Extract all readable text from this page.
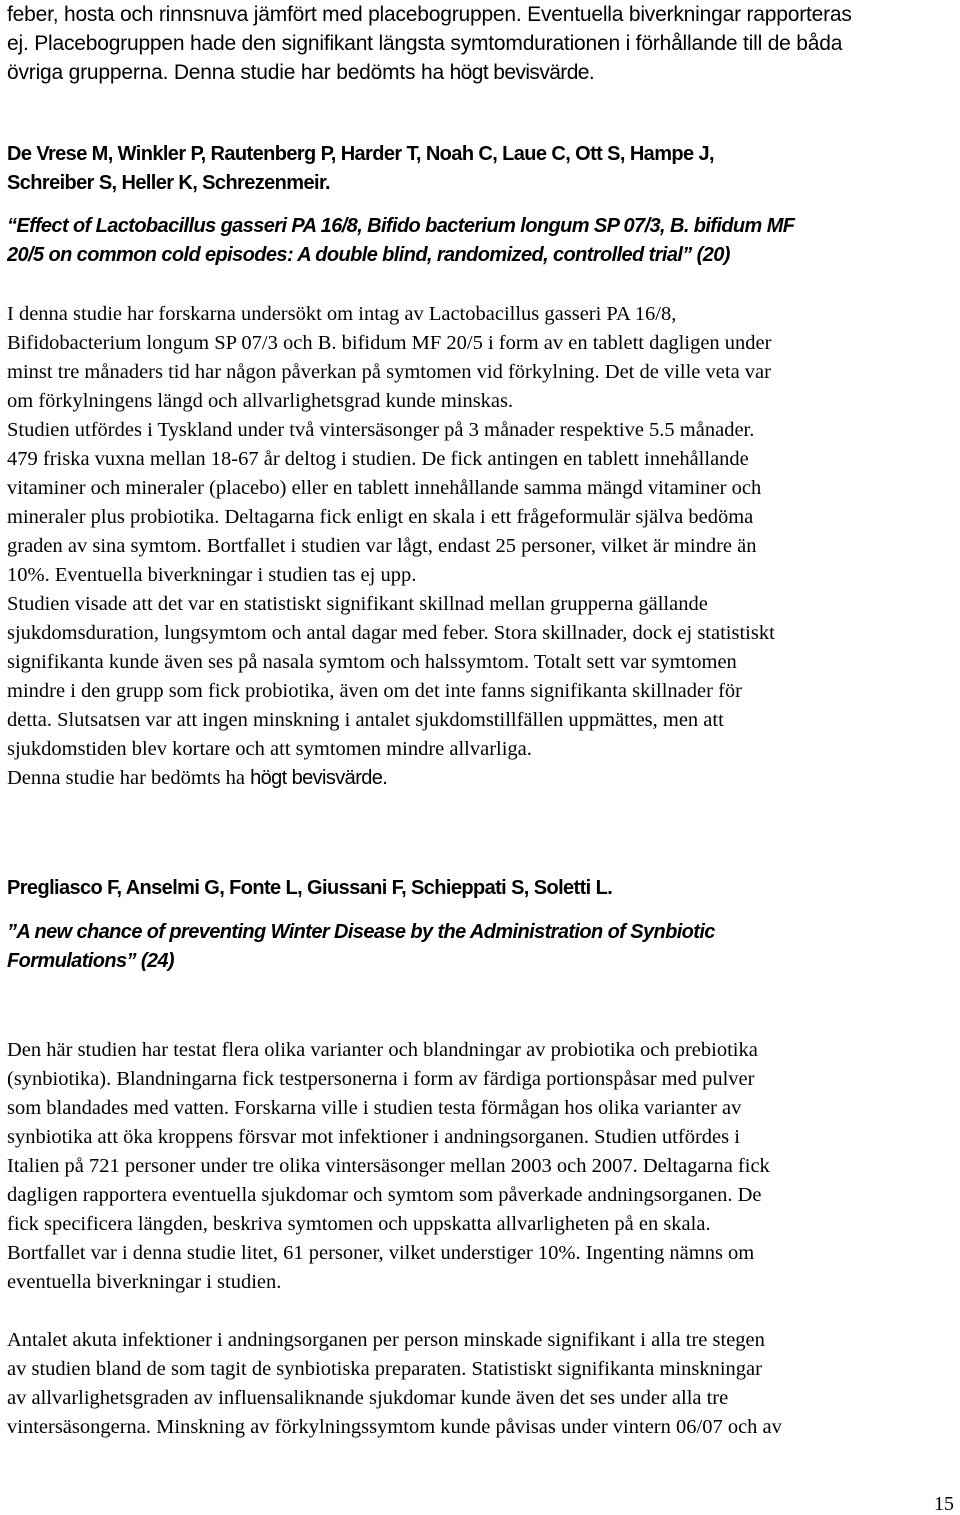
feber, hosta och rinnsnuva jämfört med placebogruppen. Eventuella biverkningar rapporteras
ej. Placebogruppen hade den signifikant längsta symtomdurationen i förhållande till de båda
övriga grupperna. Denna studie har bedömts ha högt bevisvärde.
De Vrese M, Winkler P, Rautenberg P, Harder T, Noah C, Laue C, Ott S, Hampe J,
Schreiber S, Heller K, Schrezenmeir.
“Effect of Lactobacillus gasseri PA 16/8, Bifido bacterium longum SP 07/3, B. bifidum MF
20/5 on common cold episodes: A double blind, randomized, controlled trial” (20)
I denna studie har forskarna undersökt om intag av Lactobacillus gasseri PA 16/8,
Bifidobacterium longum SP 07/3 och B. bifidum MF 20/5 i form av en tablett dagligen under
minst tre månaders tid har någon påverkan på symtomen vid förkylning. Det de ville veta var
om förkylningens längd och allvarlighetsgrad kunde minskas.
Studien utfördes i Tyskland under två vintersäsonger på 3 månader respektive 5.5 månader.
479 friska vuxna mellan 18-67 år deltog i studien. De fick antingen en tablett innehållande
vitaminer och mineraler (placebo) eller en tablett innehållande samma mängd vitaminer och
mineraler plus probiotika. Deltagarna fick enligt en skala i ett frågeformulär själva bedöma
graden av sina symtom. Bortfallet i studien var lågt, endast 25 personer, vilket är mindre än
10%. Eventuella biverkningar i studien tas ej upp.
Studien visade att det var en statistiskt signifikant skillnad mellan grupperna gällande
sjukdomsduration, lungsymtom och antal dagar med feber. Stora skillnader, dock ej statistiskt
signifikanta kunde även ses på nasala symtom och halssymtom. Totalt sett var symtomen
mindre i den grupp som fick probiotika, även om det inte fanns signifikanta skillnader för
detta. Slutsatsen var att ingen minskning i antalet sjukdomstillfällen uppmättes, men att
sjukdomstiden blev kortare och att symtomen mindre allvarliga.
Denna studie har bedömts ha högt bevisvärde.
Pregliasco F, Anselmi G, Fonte L, Giussani F, Schieppati S, Soletti L.
”A new chance of preventing Winter Disease by the Administration of Synbiotic
Formulations” (24)
Den här studien har testat flera olika varianter och blandningar av probiotika och prebiotika
(synbiotika). Blandningarna fick testpersonerna i form av färdiga portionspåsar med pulver
som blandades med vatten. Forskarna ville i studien testa förmågan hos olika varianter av
synbiotika att öka kroppens försvar mot infektioner i andningsorganen. Studien utfördes i
Italien på 721 personer under tre olika vintersäsonger mellan 2003 och 2007. Deltagarna fick
dagligen rapportera eventuella sjukdomar och symtom som påverkade andningsorganen. De
fick specificera längden, beskriva symtomen och uppskatta allvarligheten på en skala.
Bortfallet var i denna studie litet, 61 personer, vilket understiger 10%. Ingenting nämns om
eventuella biverkningar i studien.
Antalet akuta infektioner i andningsorganen per person minskade signifikant i alla tre stegen
av studien bland de som tagit de synbiotiska preparaten. Statistiskt signifikanta minskningar
av allvarlighetsgraden av influensaliknande sjukdomar kunde även det ses under alla tre
vintersäsongerna. Minskning av förkylningssymtom kunde påvisas under vintern 06/07 och av
15
